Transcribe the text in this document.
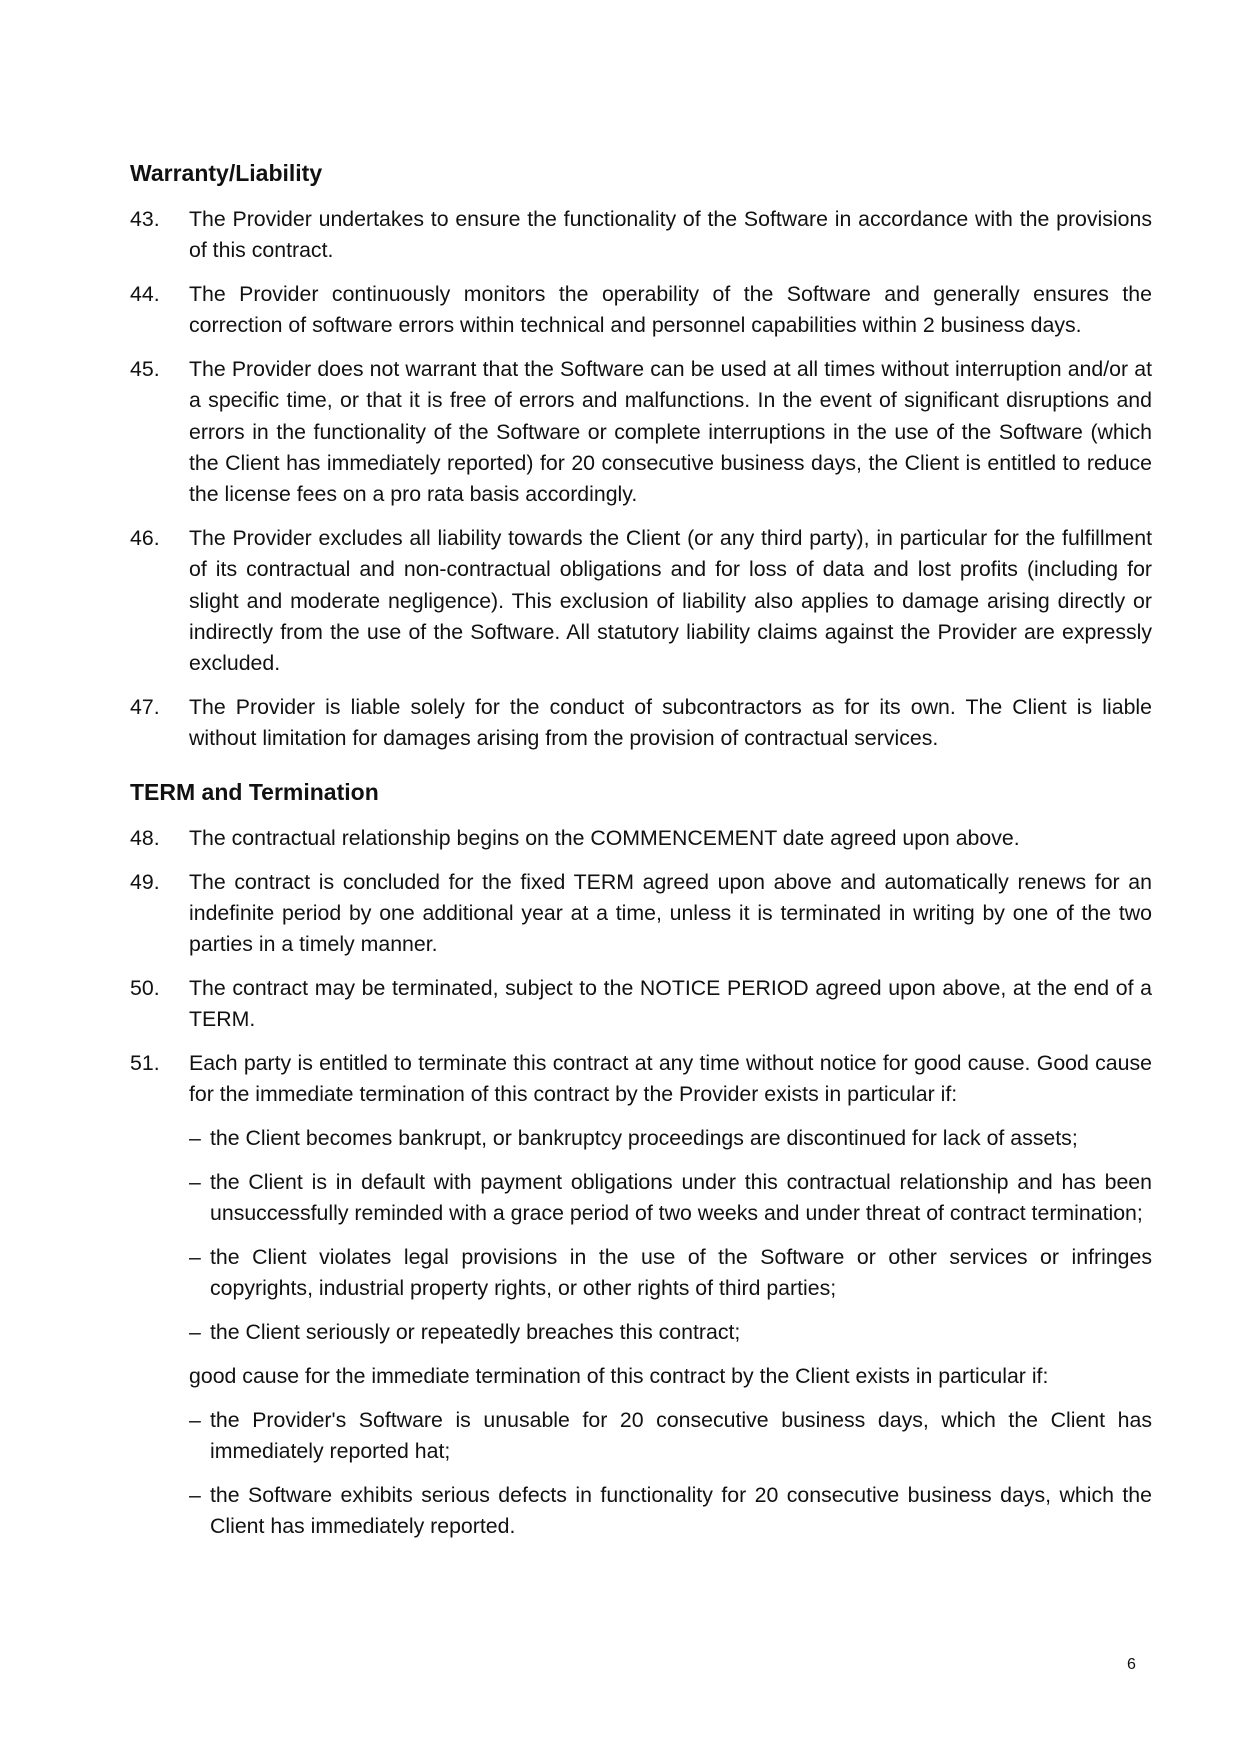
Warranty/Liability
43. The Provider undertakes to ensure the functionality of the Software in accordance with the provisions of this contract.
44. The Provider continuously monitors the operability of the Software and generally ensures the correction of software errors within technical and personnel capabilities within 2 business days.
45. The Provider does not warrant that the Software can be used at all times without interruption and/or at a specific time, or that it is free of errors and malfunctions. In the event of significant disruptions and errors in the functionality of the Software or complete interruptions in the use of the Software (which the Client has immediately reported) for 20 consecutive business days, the Client is entitled to reduce the license fees on a pro rata basis accordingly.
46. The Provider excludes all liability towards the Client (or any third party), in particular for the fulfillment of its contractual and non-contractual obligations and for loss of data and lost profits (including for slight and moderate negligence). This exclusion of liability also applies to damage arising directly or indirectly from the use of the Software. All statutory liability claims against the Provider are expressly excluded.
47. The Provider is liable solely for the conduct of subcontractors as for its own. The Client is liable without limitation for damages arising from the provision of contractual services.
TERM and Termination
48. The contractual relationship begins on the COMMENCEMENT date agreed upon above.
49. The contract is concluded for the fixed TERM agreed upon above and automatically renews for an indefinite period by one additional year at a time, unless it is terminated in writing by one of the two parties in a timely manner.
50. The contract may be terminated, subject to the NOTICE PERIOD agreed upon above, at the end of a TERM.
51. Each party is entitled to terminate this contract at any time without notice for good cause. Good cause for the immediate termination of this contract by the Provider exists in particular if:
– the Client becomes bankrupt, or bankruptcy proceedings are discontinued for lack of assets;
– the Client is in default with payment obligations under this contractual relationship and has been unsuccessfully reminded with a grace period of two weeks and under threat of contract termination;
– the Client violates legal provisions in the use of the Software or other services or infringes copyrights, industrial property rights, or other rights of third parties;
– the Client seriously or repeatedly breaches this contract;
good cause for the immediate termination of this contract by the Client exists in particular if:
– the Provider's Software is unusable for 20 consecutive business days, which the Client has immediately reported hat;
– the Software exhibits serious defects in functionality for 20 consecutive business days, which the Client has immediately reported.
6
